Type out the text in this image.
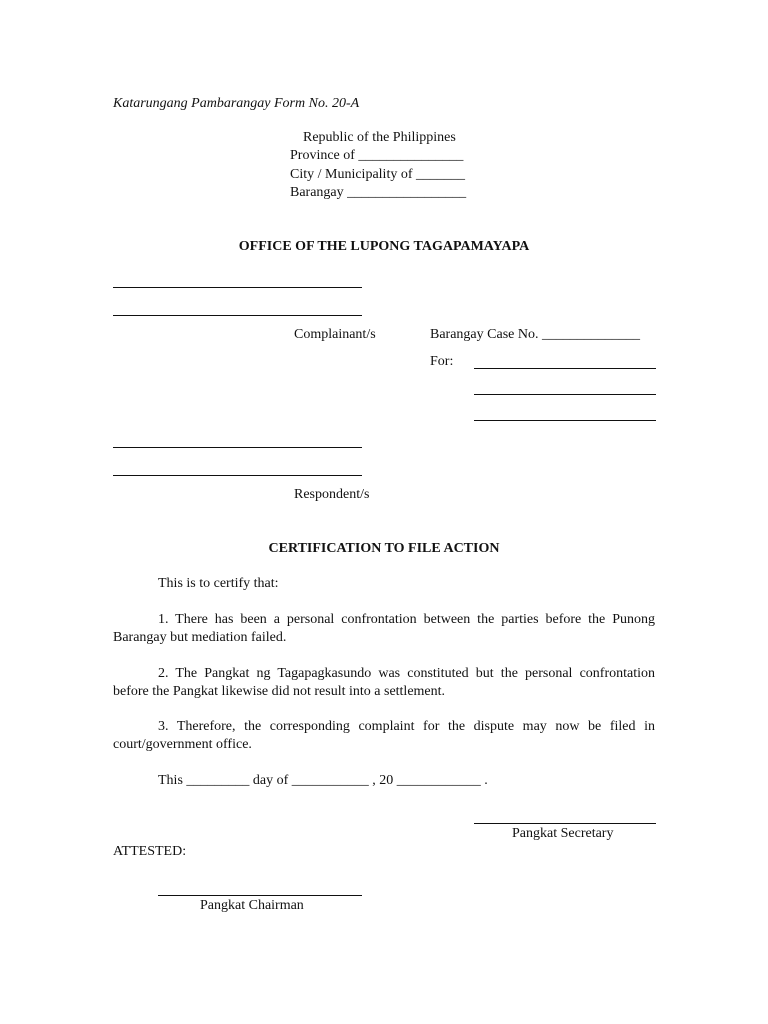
Katarungang Pambarangay Form No. 20-A
Republic of the Philippines
Province of _______________
City / Municipality of _______
Barangay _________________
OFFICE OF THE LUPONG TAGAPAMAYAPA
Complainant/s	Barangay Case No. ______________
For:
Respondent/s
CERTIFICATION TO FILE ACTION
This is to certify that:
1. There has been a personal confrontation between the parties before the Punong Barangay but mediation failed.
2. The Pangkat ng Tagapagkasundo was constituted but the personal confrontation before the Pangkat likewise did not result into a settlement.
3. Therefore, the corresponding complaint for the dispute may now be filed in court/government office.
This _________ day of ___________ , 20 ____________ .
Pangkat Secretary
ATTESTED:
Pangkat Chairman
